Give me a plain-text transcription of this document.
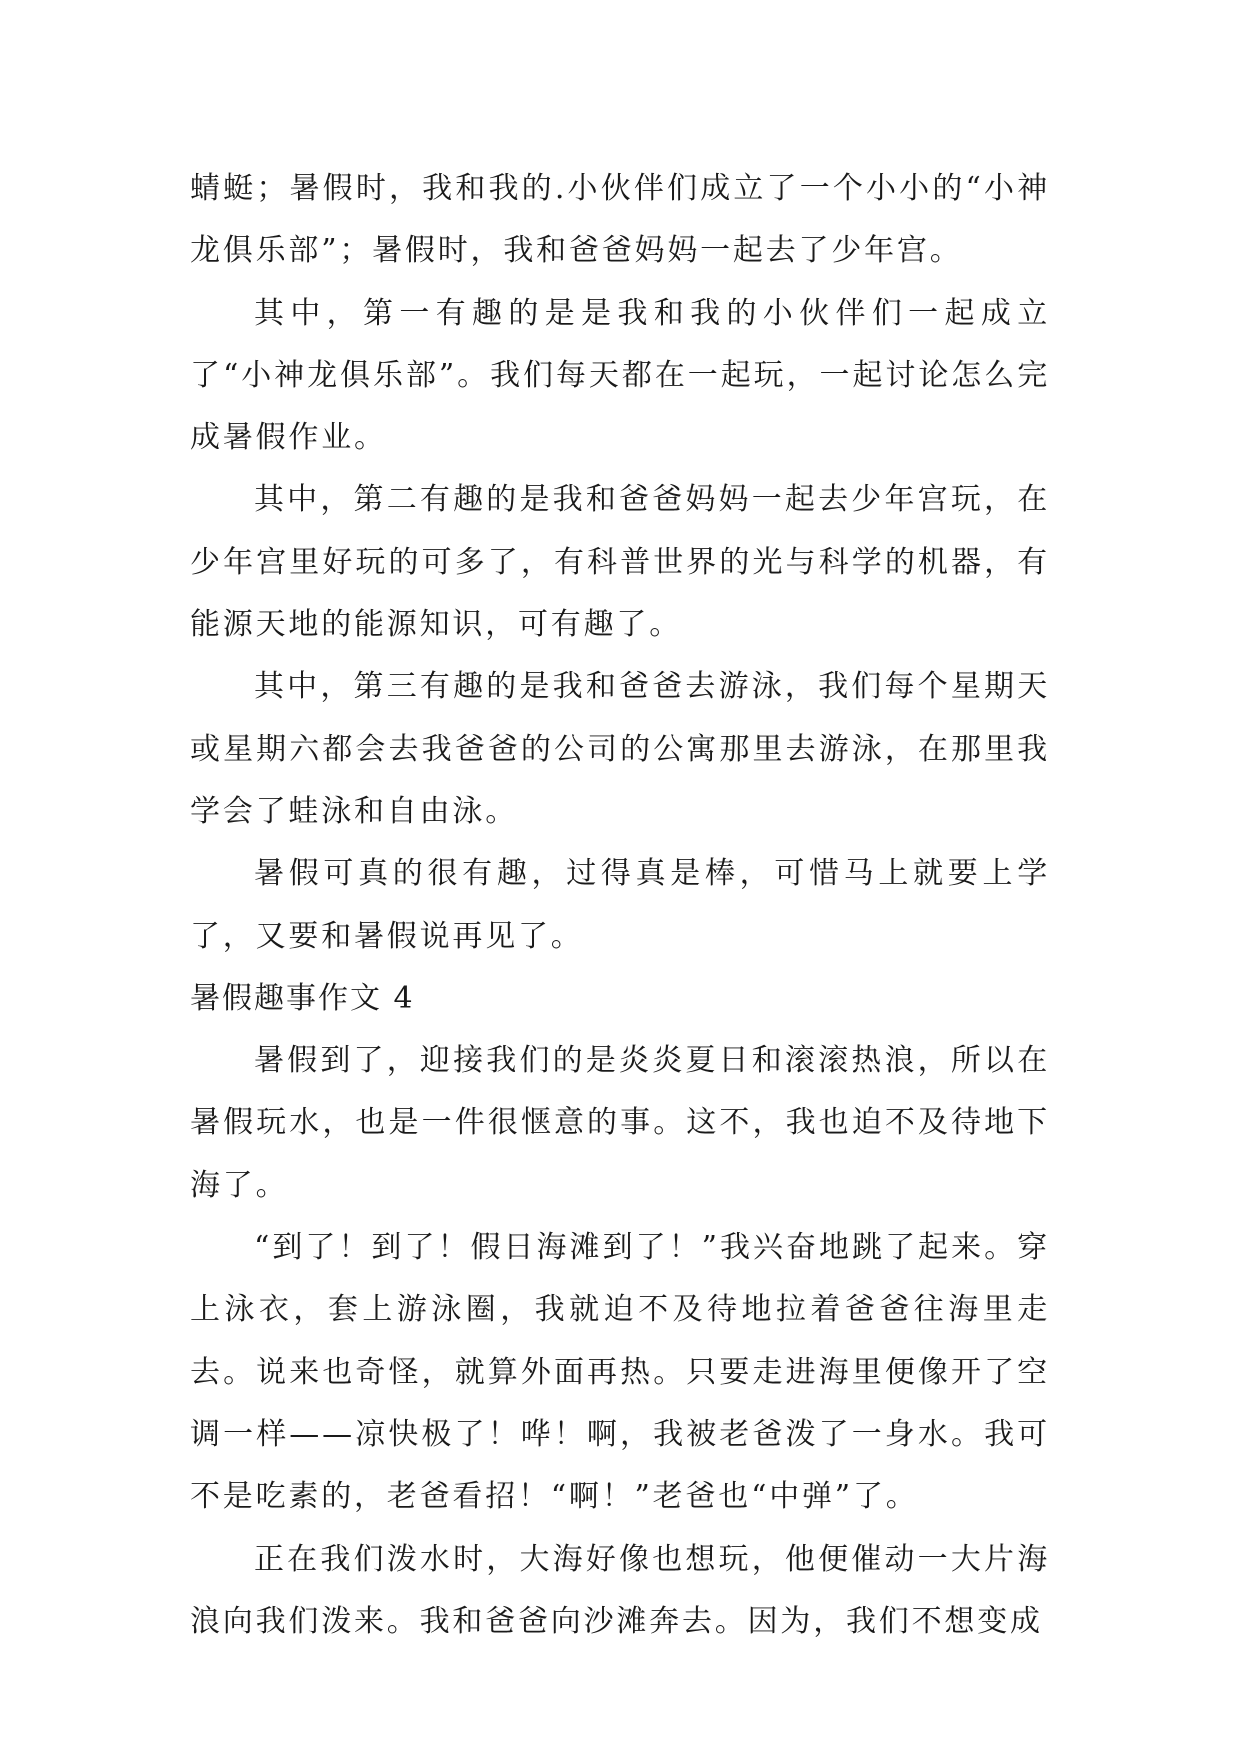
蜻蜓；暑假时，我和我的.小伙伴们成立了一个小小的“小神龙俱乐部”；暑假时，我和爸爸妈妈一起去了少年宫。

其中，第一有趣的是是我和我的小伙伴们一起成立了“小神龙俱乐部”。我们每天都在一起玩，一起讨论怎么完成暑假作业。

其中，第二有趣的是我和爸爸妈妈一起去少年宫玩，在少年宫里好玩的可多了，有科普世界的光与科学的机器，有能源天地的能源知识，可有趣了。

其中，第三有趣的是我和爸爸去游泳，我们每个星期天或星期六都会去我爸爸的公司的公寓那里去游泳，在那里我学会了蛙泳和自由泳。

暑假可真的很有趣，过得真是棒，可惜马上就要上学了，又要和暑假说再见了。

暑假趣事作文 4

暑假到了，迎接我们的是炎炎夏日和滚滚热浪，所以在暑假玩水，也是一件很惬意的事。这不，我也迫不及待地下海了。

“到了！到了！假日海滩到了！”我兴奋地跳了起来。穿上泳衣，套上游泳圈，我就迫不及待地拉着爸爸往海里走去。说来也奇怪，就算外面再热。只要走进海里便像开了空调一样——凉快极了！哗！啊，我被老爸泼了一身水。我可不是吃素的，老爸看招！“啊！”老爸也“中弹”了。

正在我们泼水时，大海好像也想玩，他便催动一大片海浪向我们泼来。我和爸爸向沙滩奔去。因为，我们不想变成
